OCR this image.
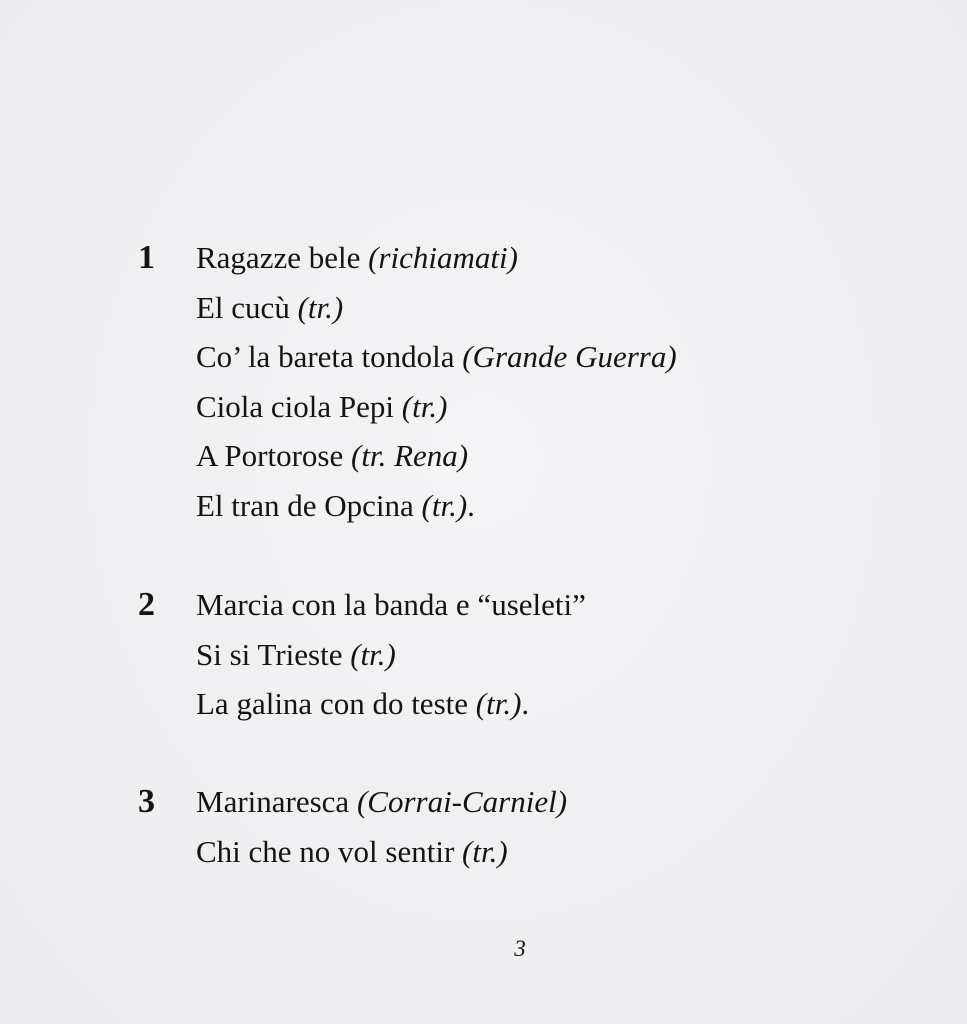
1 Ragazze bele (richiamati)
El cucù (tr.)
Co’ la bareta tondola (Grande Guerra)
Ciola ciola Pepi (tr.)
A Portorose (tr. Rena)
El tran de Opcina (tr.).
2 Marcia con la banda e “useleti”
Si si Trieste (tr.)
La galina con do teste (tr.).
3 Marinaresca (Corrai-Carniel)
Chi che no vol sentir (tr.)
3
